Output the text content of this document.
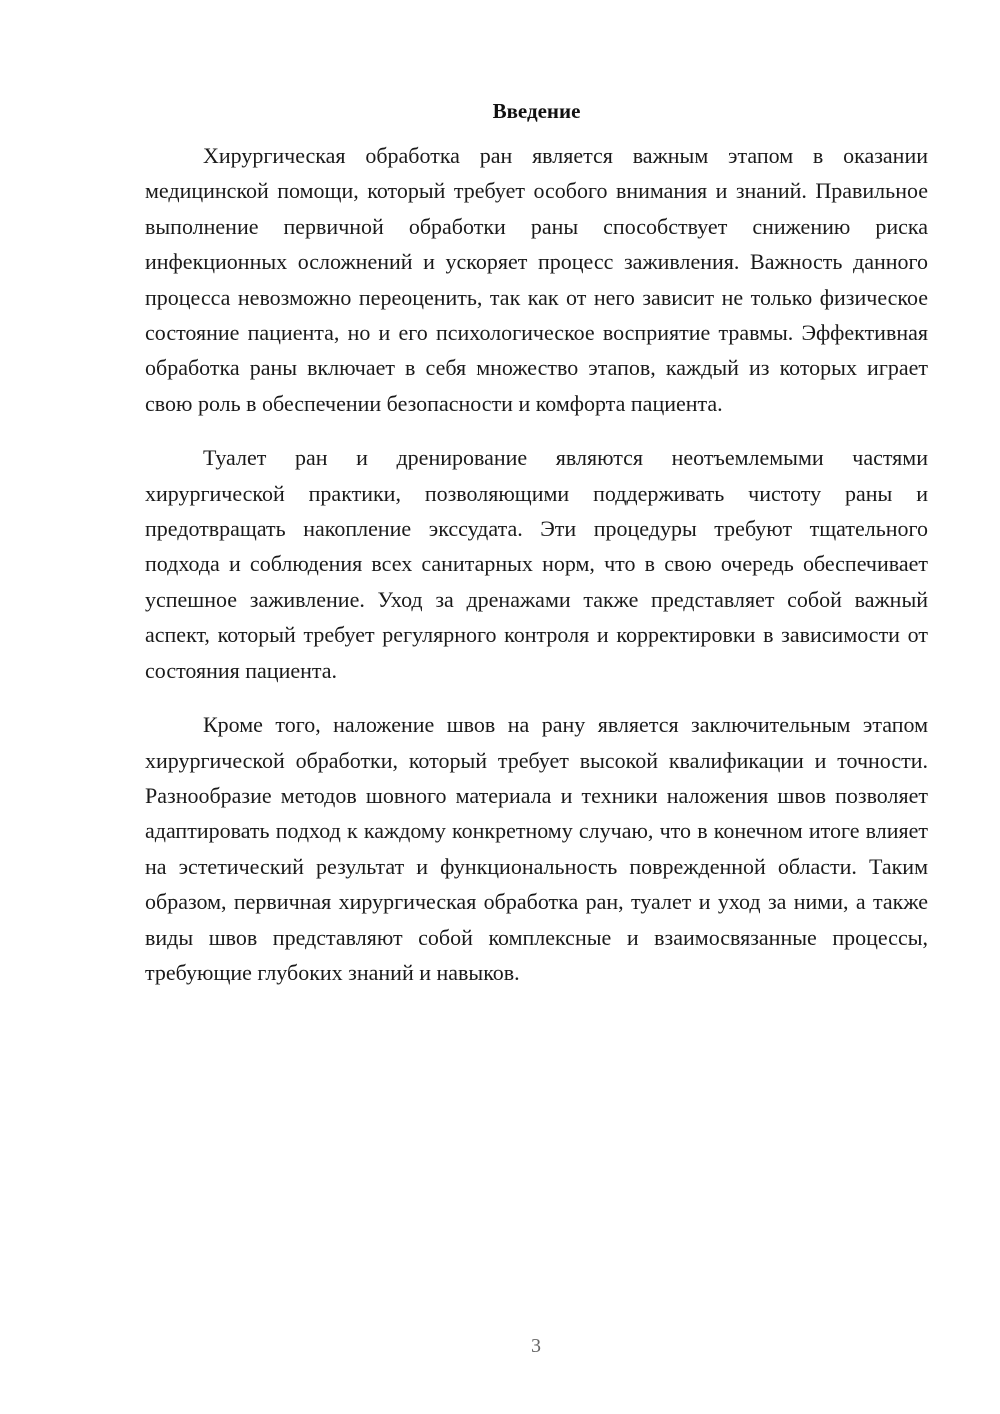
Введение

Хирургическая обработка ран является важным этапом в оказании медицинской помощи, который требует особого внимания и знаний. Правильное выполнение первичной обработки раны способствует снижению риска инфекционных осложнений и ускоряет процесс заживления. Важность данного процесса невозможно переоценить, так как от него зависит не только физическое состояние пациента, но и его психологическое восприятие травмы. Эффективная обработка раны включает в себя множество этапов, каждый из которых играет свою роль в обеспечении безопасности и комфорта пациента.

Туалет ран и дренирование являются неотъемлемыми частями хирургической практики, позволяющими поддерживать чистоту раны и предотвращать накопление экссудата. Эти процедуры требуют тщательного подхода и соблюдения всех санитарных норм, что в свою очередь обеспечивает успешное заживление. Уход за дренажами также представляет собой важный аспект, который требует регулярного контроля и корректировки в зависимости от состояния пациента.

Кроме того, наложение швов на рану является заключительным этапом хирургической обработки, который требует высокой квалификации и точности. Разнообразие методов шовного материала и техники наложения швов позволяет адаптировать подход к каждому конкретному случаю, что в конечном итоге влияет на эстетический результат и функциональность поврежденной области. Таким образом, первичная хирургическая обработка ран, туалет и уход за ними, а также виды швов представляют собой комплексные и взаимосвязанные процессы, требующие глубоких знаний и навыков.

3
